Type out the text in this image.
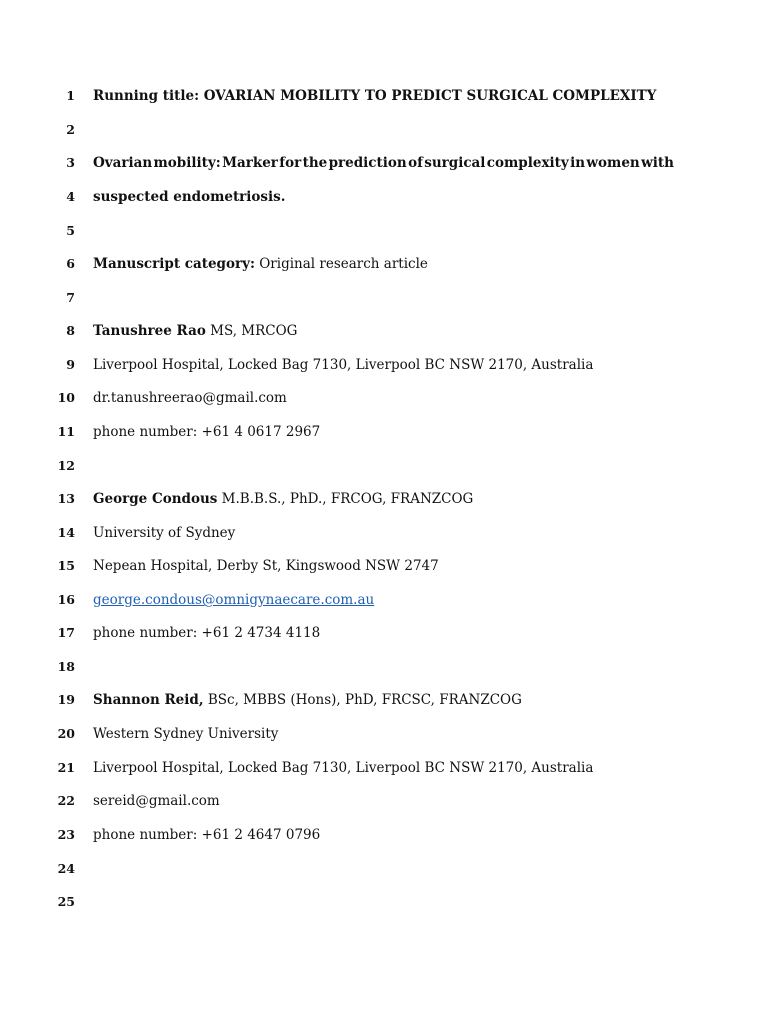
1 Running title: OVARIAN MOBILITY TO PREDICT SURGICAL COMPLEXITY
2
3 Ovarian mobility: Marker for the prediction of surgical complexity in women with
4 suspected endometriosis.
5
6 Manuscript category: Original research article
7
8 Tanushree Rao MS, MRCOG
9 Liverpool Hospital, Locked Bag 7130, Liverpool BC NSW 2170, Australia
10 dr.tanushreerao@gmail.com
11 phone number: +61 4 0617 2967
12
13 George Condous M.B.B.S., PhD., FRCOG, FRANZCOG
14 University of Sydney
15 Nepean Hospital, Derby St, Kingswood NSW 2747
16 george.condous@omnigynaecare.com.au
17 phone number: +61 2 4734 4118
18
19 Shannon Reid, BSc, MBBS (Hons), PhD, FRCSC, FRANZCOG
20 Western Sydney University
21 Liverpool Hospital, Locked Bag 7130, Liverpool BC NSW 2170, Australia
22 sereid@gmail.com
23 phone number: +61 2 4647 0796
24
25
